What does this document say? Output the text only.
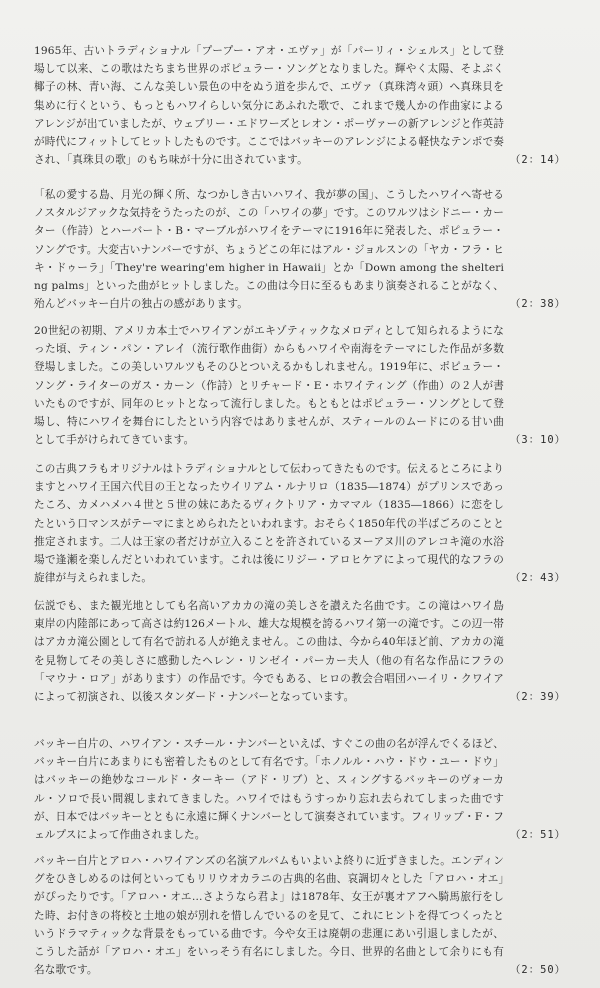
1965年、古いトラディショナル「プープー・アオ・エヴァ」が「パーリィ・シェルス」として登場して以来、この歌はたちまち世界のポピュラー・ソングとなりました。輝やく太陽、そよぷく椰子の林、青い海、こんな美しい景色の中をぬう道を歩んで、エヴァ（真珠湾々頭）へ真珠貝を集めに行くという、もっともハワイらしい気分にあふれた歌で、これまで幾人かの作曲家によるアレンジが出ていましたが、ウェブリー・エドワーズとレオン・ポーヴァーの新アレンジと作英詩が時代にフィットしてヒットしたものです。ここではバッキーのアレンジによる軽快なテンポで奏され、「真珠貝の歌」のもち味が十分に出されています。	（2：14）
「私の愛する島、月光の輝く所、なつかしき古いハワイ、我が夢の国」、こうしたハワイへ寄せるノスタルジアックな気持をうたったのが、この「ハワイの夢」です。このワルツはシドニー・カーター（作詩）とハーバート・B・マーブルがハワイをテーマに1916年に発表した、ポピュラー・ソングです。大変古いナンバーですが、ちょうどこの年にはアル・ジョルスンの「ヤカ・フラ・ヒキ・ドゥーラ」「They're wearing'em higher in Hawaii」とか「Down among the sheltering palms」といった曲がヒットしました。この曲は今日に至るもあまり演奏されることがなく、殆んどバッキー白片の独占の感があります。	（2：38）
20世紀の初期、アメリカ本土でハワイアンがエキゾティックなメロディとして知られるようになった頃、ティン・パン・アレイ（流行歌作曲街）からもハワイや南海をテーマにした作品が多数登場しました。この美しいワルツもそのひとついえるかもしれません。1919年に、ポピュラー・ソング・ライターのガス・カーン（作詩）とリチャード・E・ホワイティング（作曲）の２人が書いたものですが、同年のヒットとなって流行しました。もともとはポピュラー・ソングとして登場し、特にハワイを舞台にしたという内容ではありませんが、スティールのムードにのる甘い曲として手がけられてきています。	（3：10）
この古典フラもオリジナルはトラディショナルとして伝わってきたものです。伝えるところによりますとハワイ王国六代目の王となったウイリアム・ルナリロ（1835―1874）がプリンスであったころ、カメハメハ４世と５世の妹にあたるヴィクトリア・カママル（1835―1866）に恋をしたという口マンスがテーマにまとめられたといわれます。おそらく1850年代の半ばごろのことと推定されます。二人は王家の者だけが立入ることを許されているヌーアヌ川のアレコキ滝の水浴場で逢瀬を楽しんだといわれています。これは後にリジー・アロヒケアによって現代的なフラの旋律が与えられました。	（2：43）
伝説でも、また観光地としても名高いアカカの滝の美しさを讃えた名曲です。この滝はハワイ島東岸の内陸部にあって高さは約126メートル、雄大な規模を誇るハワイ第一の滝です。この辺一帯はアカカ滝公園として有名で訪れる人が絶えません。この曲は、今から40年ほど前、アカカの滝を見物してその美しさに感動したヘレン・リンゼイ・パーカー夫人（他の有名な作品にフラの「マウナ・ロア」があります）の作品です。今でもある、ヒロの教会合唱団ハーイリ・クワイアによって初演され、以後スタンダード・ナンバーとなっています。	（2：39）
バッキー白片の、ハワイアン・スチール・ナンバーといえば、すぐこの曲の名が浮んでくるほど、バッキー白片にあまりにも密着したものとして有名です。「ホノルル・ハウ・ドウ・ユー・ドウ」はバッキーの絶妙なコールド・ターキー（アド・リブ）と、スィングするバッキーのヴォーカル・ソロで長い間親しまれてきました。ハワイではもうすっかり忘れ去られてしまった曲ですが、日本ではバッキーとともに永遠に輝くナンバーとして演奏されています。フィリップ・F・フェルプスによって作曲されました。	（2：51）
バッキー白片とアロハ・ハワイアンズの名演アルバムもいよいよ終りに近ずきました。エンディングをひきしめるのは何といってもリリウオカラニの古典的名曲、哀調切々とした「アロハ・オエ」がぴったりです。「アロハ・オエ…さようなら君よ」は1878年、女王が裏オアフへ騎馬旅行をした時、お付きの将校と土地の娘が別れを惜しんでいるのを見て、これにヒントを得てつくったというドラマティックな背景をもっている曲です。今や女王は廃朝の悲運にあい引退しましたが、こうした話が「アロハ・オエ」をいっそう有名にしました。今日、世界的名曲として余りにも有名な歌です。	（2：50）
